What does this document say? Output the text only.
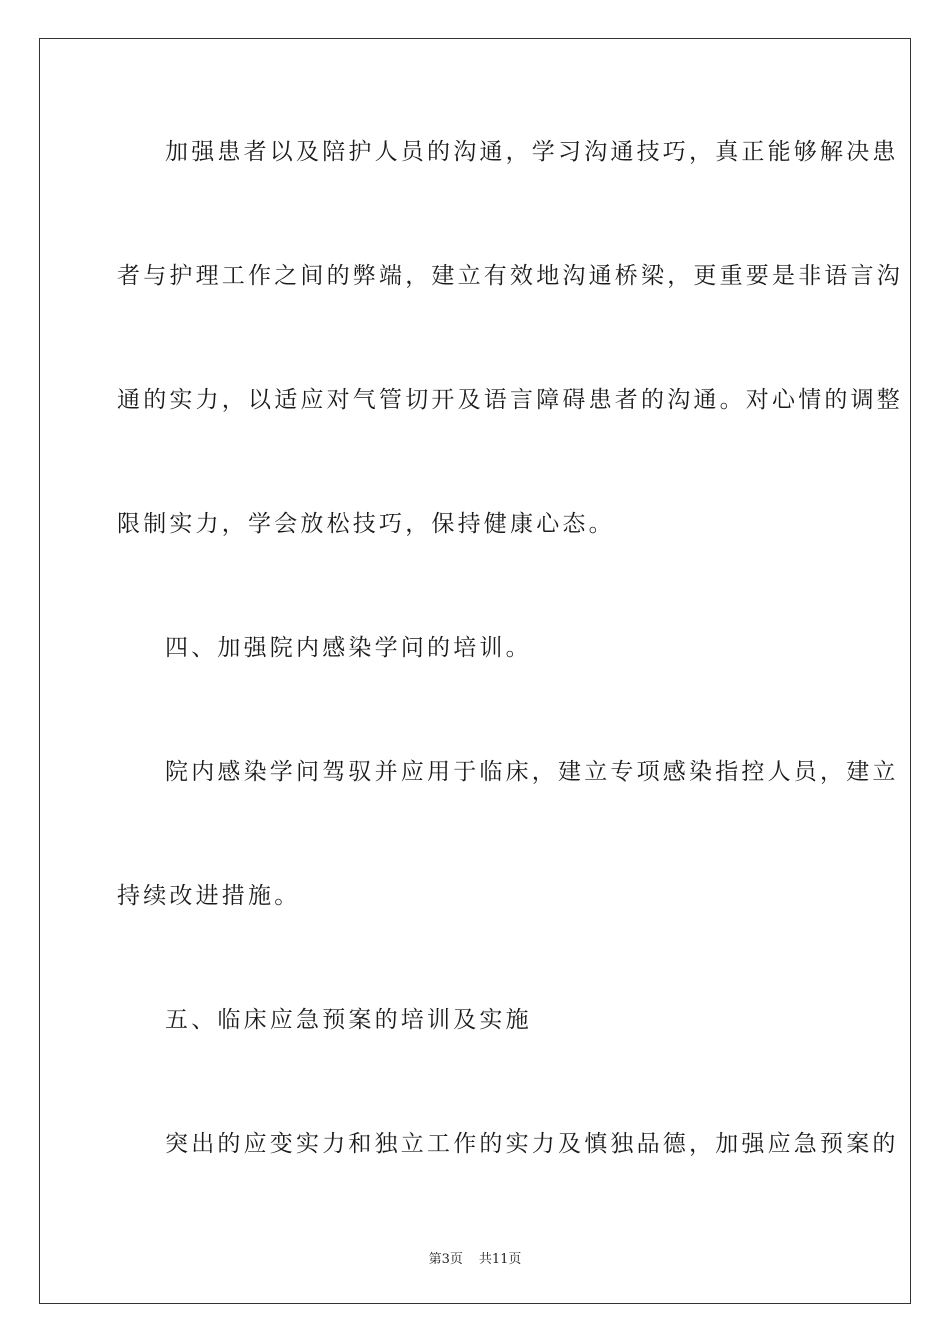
加强患者以及陪护人员的沟通，学习沟通技巧，真正能够解决患
者与护理工作之间的弊端，建立有效地沟通桥梁，更重要是非语言沟
通的实力，以适应对气管切开及语言障碍患者的沟通。对心情的调整
限制实力，学会放松技巧，保持健康心态。
四、加强院内感染学问的培训。
院内感染学问驾驭并应用于临床，建立专项感染指控人员，建立
持续改进措施。
五、临床应急预案的培训及实施
突出的应变实力和独立工作的实力及慎独品德，加强应急预案的
第3页 共11页
